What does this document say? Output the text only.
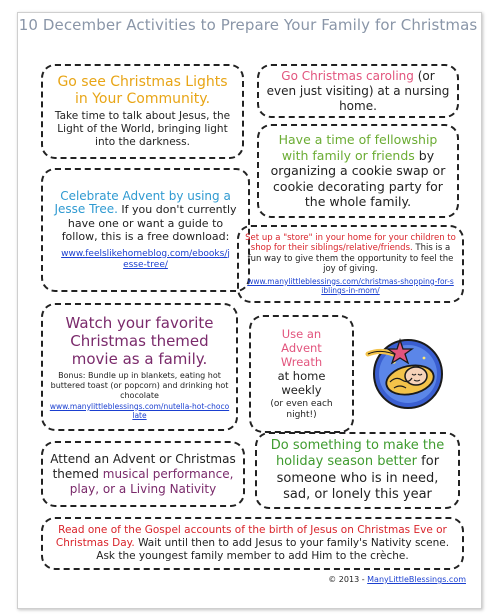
10 December Activities to Prepare Your Family for Christmas
Go see Christmas Lights in Your Community.
Take time to talk about Jesus, the Light of the World, bringing light into the darkness.
Go Christmas caroling (or even just visiting) at a nursing home.
Have a time of fellowship with family or friends by organizing a cookie swap or cookie decorating party for the whole family.
Celebrate Advent by using a Jesse Tree. If you don't currently have one or want a guide to follow, this is a free download:
www.feelslikehomeblog.com/ebooks/jesse-tree/
Set up a "store" in your home for your children to shop for their siblings/relative/friends. This is a fun way to give them the opportunity to feel the joy of giving.
www.manylittleblessings.com/christmas-shopping-for-siblings-in-mom/
Watch your favorite Christmas themed movie as a family.
Bonus: Bundle up in blankets, eating hot buttered toast (or popcorn) and drinking hot chocolate
www.manylittleblessings.com/nutella-hot-chocolate
Use an Advent Wreath
at home weekly
(or even each night!)
Attend an Advent or Christmas themed musical performance, play, or a Living Nativity
Do something to make the holiday season better for someone who is in need, sad, or lonely this year
Read one of the Gospel accounts of the birth of Jesus on Christmas Eve or Christmas Day. Wait until then to add Jesus to your family's Nativity scene. Ask the youngest family member to add Him to the crèche.
© 2013 - ManyLittleBlessings.com
